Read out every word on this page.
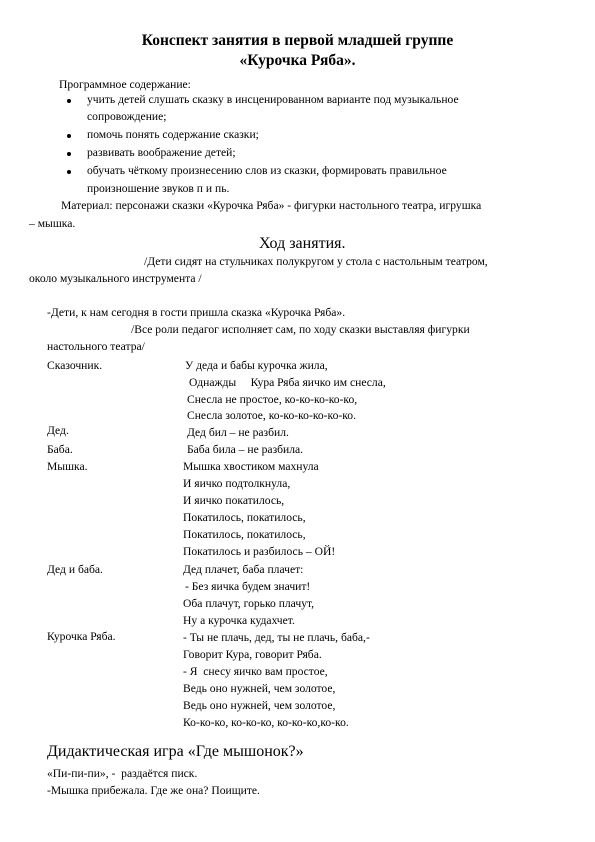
Конспект занятия в первой младшей группе
«Курочка Ряба».
Программное содержание:
учить детей слушать сказку в инсценированном варианте под музыкальное
сопровождение;
помочь понять содержание сказки;
развивать воображение детей;
обучать чёткому произнесению слов из сказки, формировать правильное
произношение звуков п и пь.
Материал: персонажи сказки «Курочка Ряба» - фигурки настольного театра, игрушка
– мышка.
Ход занятия.
/Дети сидят на стульчиках полукругом у стола с настольным театром,
около музыкального инструмента /
-Дети, к нам сегодня в гости пришла сказка «Курочка Ряба».
/Все роли педагог исполняет сам, по ходу сказки выставляя фигурки
настольного театра/
Сказочник.
Дед.
Баба.
Мышка.
Дед и баба.
Курочка Ряба.
У деда и бабы курочка жила,
Однажды     Кура Ряба яичко им снесла,
Снесла не простое, ко-ко-ко-ко-ко,
Снесла золотое, ко-ко-ко-ко-ко-ко.
Дед бил – не разбил.
Баба била – не разбила.
Мышка хвостиком махнула
И яичко подтолкнула,
И яичко покатилось,
Покатилось, покатилось,
Покатилось, покатилось,
Покатилось и разбилось – ОЙ!
Дед плачет, баба плачет:
- Без яичка будем значит!
Оба плачут, горько плачут,
Ну а курочка кудахчет.
- Ты не плачь, дед, ты не плачь, баба,-
Говорит Кура, говорит Ряба.
- Я  снесу яичко вам простое,
Ведь оно нужней, чем золотое,
Ведь оно нужней, чем золотое,
Ко-ко-ко, ко-ко-ко, ко-ко-ко,ко-ко.
Дидактическая игра «Где мышонок?»
«Пи-пи-пи», -  раздаётся писк.
-Мышка прибежала. Где же она? Поищите.
